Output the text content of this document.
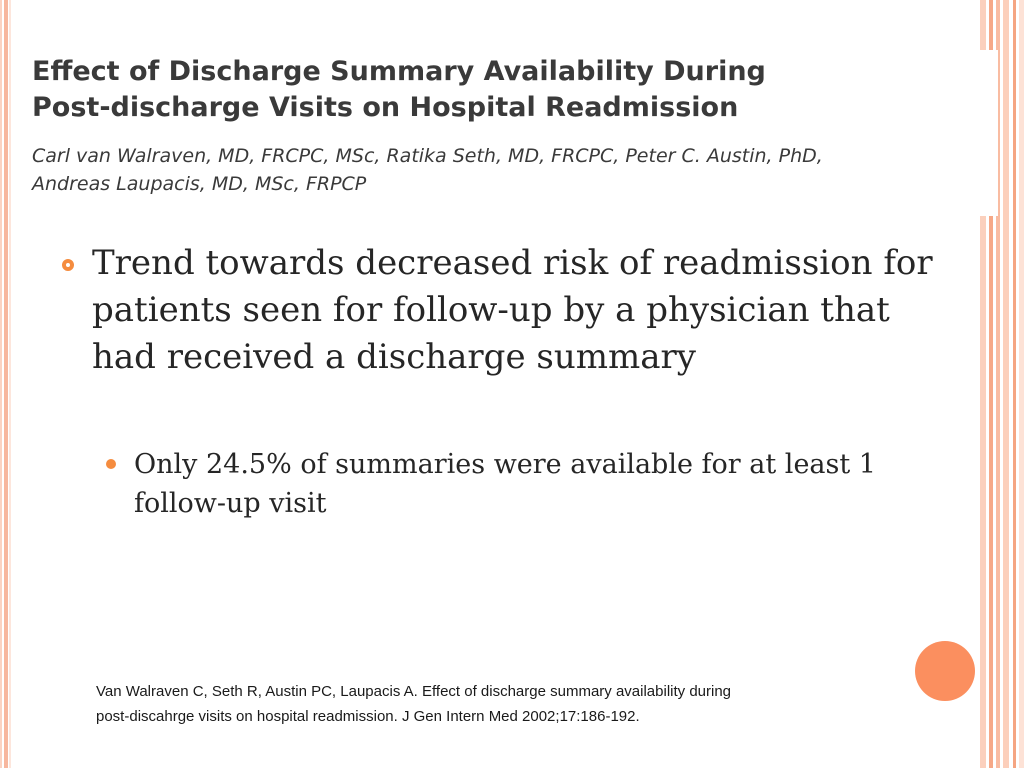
Effect of Discharge Summary Availability During
Post-discharge Visits on Hospital Readmission

Carl van Walraven, MD, FRCPC, MSc, Ratika Seth, MD, FRCPC, Peter C. Austin, PhD,
Andreas Laupacis, MD, MSc, FRPCP

Trend towards decreased risk of readmission for patients seen for follow-up by a physician that had received a discharge summary

Only 24.5% of summaries were available for at least 1 follow-up visit

Van Walraven C, Seth R, Austin PC, Laupacis A. Effect of discharge summary availability during
post-discahrge visits on hospital readmission. J Gen Intern Med 2002;17:186-192.
